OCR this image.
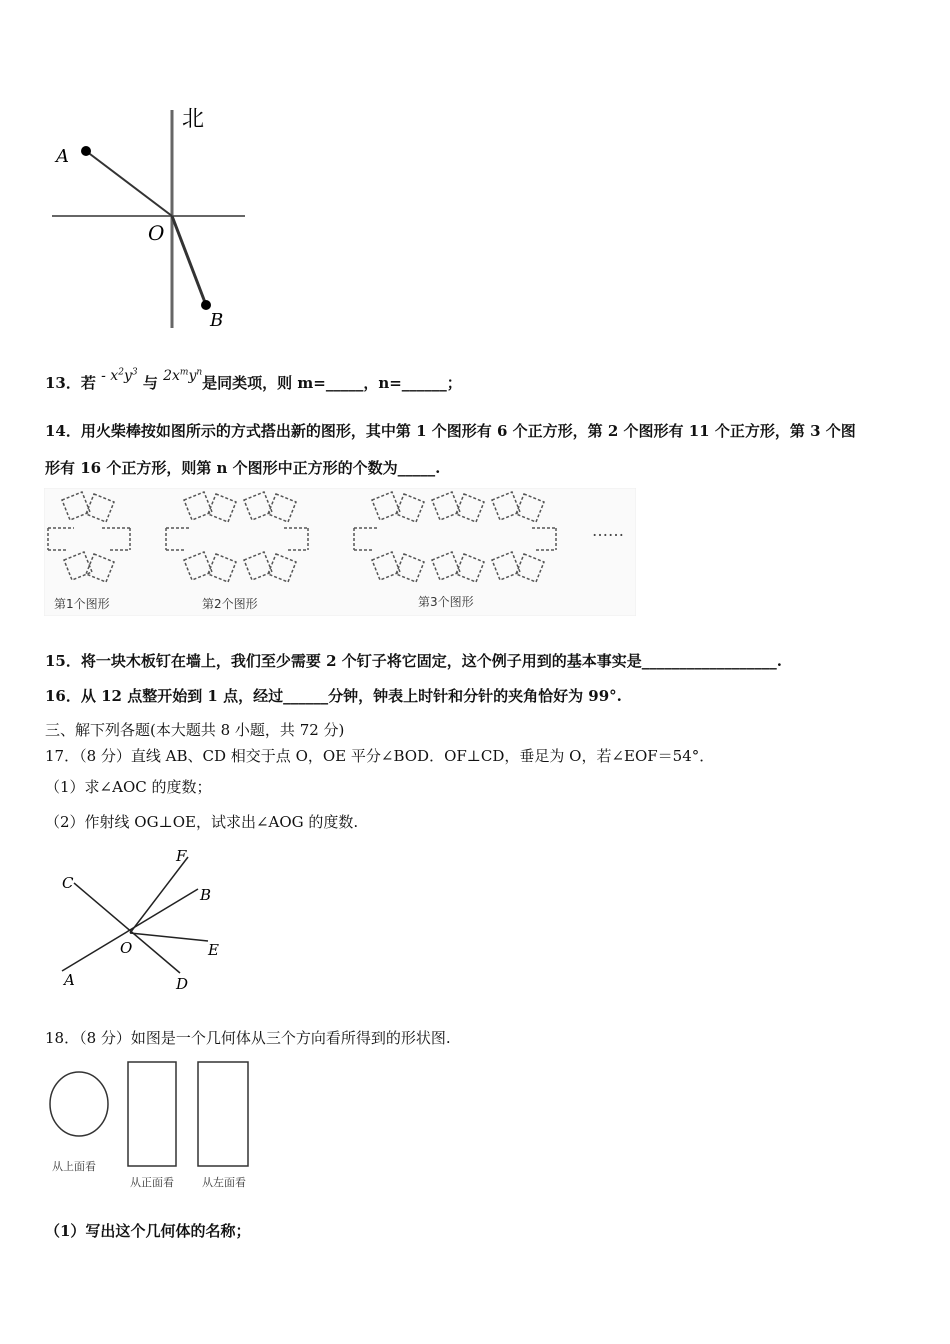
北
A
O
B
13．若 - $x^2y^3$ 与 $2x^my^n$是同类项，则 m=_____，n=______；
14．用火柴棒按如图所示的方式搭出新的图形，其中第 1 个图形有 6 个正方形，第 2 个图形有 11 个正方形，第 3 个图
形有 16 个正方形，则第 n 个图形中正方形的个数为_____.
……
第1个图形	第2个图形	第3个图形
15．将一块木板钉在墙上，我们至少需要 2 个钉子将它固定，这个例子用到的基本事实是__________________.
16．从 12 点整开始到 1 点，经过______分钟，钟表上时针和分针的夹角恰好为 99°.
三、解下列各题(本大题共 8 小题，共 72 分)
17．（8 分）直线 AB、CD 相交于点 O，OE 平分∠BOD．OF⊥CD，垂足为 O，若∠EOF＝54°．
（1）求∠AOC 的度数；
（2）作射线 OG⊥OE，试求出∠AOG 的度数.
C
F
B
O	E
A	D
18．（8 分）如图是一个几何体从三个方向看所得到的形状图.
从上面看
从正面看	从左面看
（1）写出这个几何体的名称；
